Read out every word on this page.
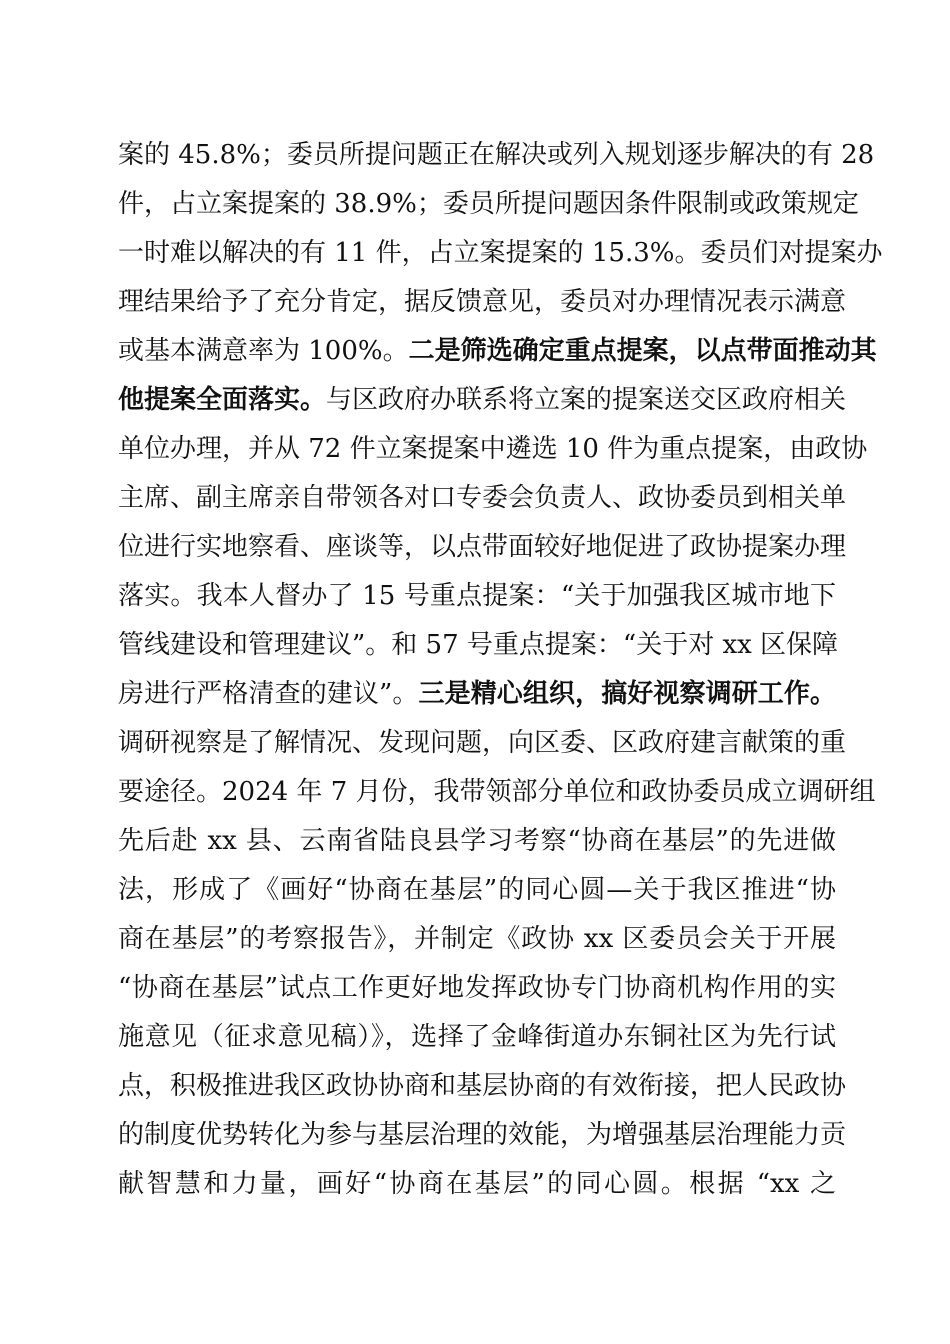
案的 45.8%；委员所提问题正在解决或列入规划逐步解决的有 28
件，占立案提案的 38.9%；委员所提问题因条件限制或政策规定
一时难以解决的有 11 件，占立案提案的 15.3%。委员们对提案办
理结果给予了充分肯定，据反馈意见，委员对办理情况表示满意
或基本满意率为 100%。二是筛选确定重点提案，以点带面推动其
他提案全面落实。与区政府办联系将立案的提案送交区政府相关
单位办理，并从 72 件立案提案中遴选 10 件为重点提案，由政协
主席、副主席亲自带领各对口专委会负责人、政协委员到相关单
位进行实地察看、座谈等，以点带面较好地促进了政协提案办理
落实。我本人督办了 15 号重点提案：“关于加强我区城市地下
管线建设和管理建议”。和 57 号重点提案：“关于对 xx 区保障
房进行严格清查的建议”。三是精心组织，搞好视察调研工作。
调研视察是了解情况、发现问题，向区委、区政府建言献策的重
要途径。2024 年 7 月份，我带领部分单位和政协委员成立调研组
先后赴 xx 县、云南省陆良县学习考察“协商在基层”的先进做
法，形成了《画好“协商在基层”的同心圆—关于我区推进“协
商在基层”的考察报告》，并制定《政协 xx 区委员会关于开展
“协商在基层”试点工作更好地发挥政协专门协商机构作用的实
施意见（征求意见稿）》，选择了金峰街道办东铜社区为先行试
点，积极推进我区政协协商和基层协商的有效衔接，把人民政协
的制度优势转化为参与基层治理的效能，为增强基层治理能力贡
献智慧和力量，画好“协商在基层”的同心圆。根据 “xx 之
